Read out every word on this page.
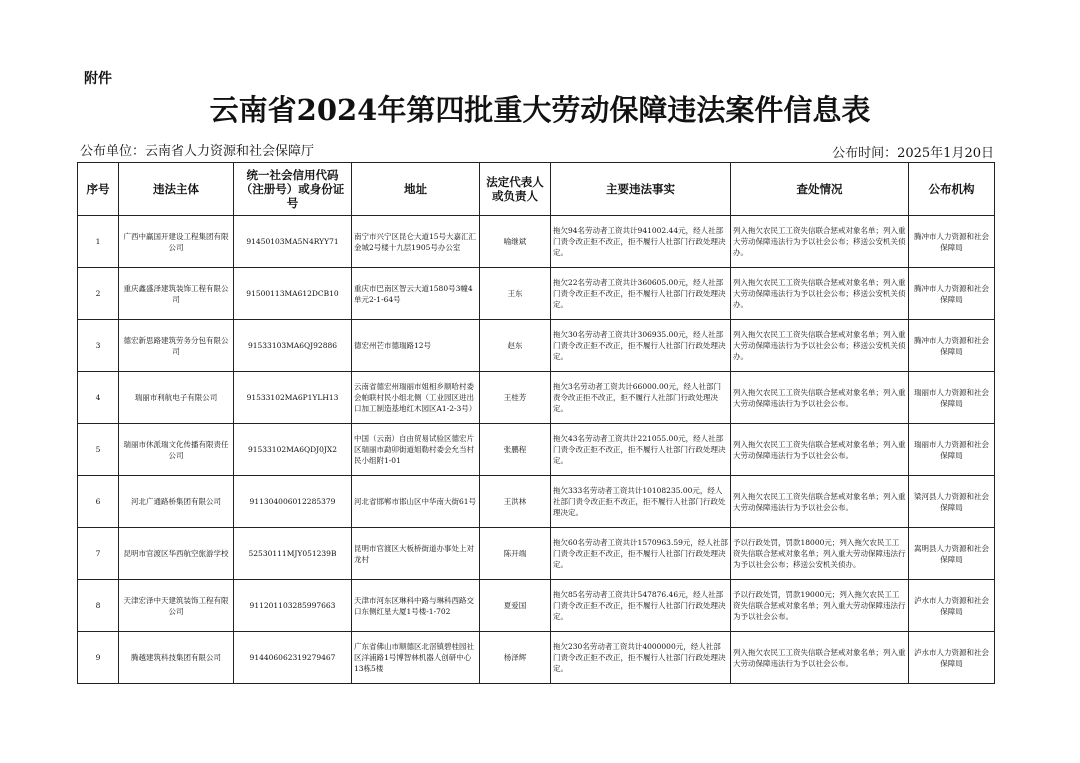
附件
云南省2024年第四批重大劳动保障违法案件信息表
公布单位：云南省人力资源和社会保障厅	公布时间：2025年1月20日
序号	违法主体	统一社会信用代码（注册号）或身份证号	地址	法定代表人或负责人	主要违法事实	查处情况	公布机构
1	广西中赢国开建设工程集团有限公司	91450103MA5N4RYY71	南宁市兴宁区昆仑大道15号大嘉汇汇金城2号楼十九层1905号办公室	喻继斌	拖欠94名劳动者工资共计941002.44元，经人社部门责令改正拒不改正，拒不履行人社部门行政处理决定。	列入拖欠农民工工资失信联合惩戒对象名单；列入重大劳动保障违法行为予以社会公布；移送公安机关侦办。	腾冲市人力资源和社会保障局
2	重庆鑫盛泽建筑装饰工程有限公司	91500113MA612DCB10	重庆市巴南区智云大道1580号3幢4单元2-1-64号	王东	拖欠22名劳动者工资共计360605.00元，经人社部门责令改正拒不改正，拒不履行人社部门行政处理决定。	列入拖欠农民工工资失信联合惩戒对象名单；列入重大劳动保障违法行为予以社会公布；移送公安机关侦办。	腾冲市人力资源和社会保障局
3	德宏新思路建筑劳务分包有限公司	91533103MA6QJ92886	德宏州芒市德瑞路12号	赵东	拖欠30名劳动者工资共计306935.00元，经人社部门责令改正拒不改正，拒不履行人社部门行政处理决定。	列入拖欠农民工工资失信联合惩戒对象名单；列入重大劳动保障违法行为予以社会公布；移送公安机关侦办。	腾冲市人力资源和社会保障局
4	瑞丽市利航电子有限公司	91533102MA6P1YLH13	云南省德宏州瑞丽市姐相乡顺哈村委会帕联村民小组北侧（工业园区进出口加工制造基地红木园区A1-2-3号）	王桂芳	拖欠3名劳动者工资共计66000.00元，经人社部门责令改正拒不改正，拒不履行人社部门行政处理决定。	列入拖欠农民工工资失信联合惩戒对象名单；列入重大劳动保障违法行为予以社会公布。	瑞丽市人力资源和社会保障局
5	瑞丽市休派瑞文化传播有限责任公司	91533102MA6QDJ0JX2	中国（云南）自由贸易试验区德宏片区瑞丽市勐卯街道姐勒村委会允当村民小组附1-01	张鹏程	拖欠43名劳动者工资共计221055.00元，经人社部门责令改正拒不改正，拒不履行人社部门行政处理决定。	列入拖欠农民工工资失信联合惩戒对象名单；列入重大劳动保障违法行为予以社会公布。	瑞丽市人力资源和社会保障局
6	河北广通路桥集团有限公司	911304006012285379	河北省邯郸市邯山区中华南大街61号	王洪林	拖欠333名劳动者工资共计10108235.00元，经人社部门责令改正拒不改正，拒不履行人社部门行政处理决定。	列入拖欠农民工工资失信联合惩戒对象名单；列入重大劳动保障违法行为予以社会公布。	梁河县人力资源和社会保障局
7	昆明市官渡区华西航空旅游学校	52530111MJY051239B	昆明市官渡区大板桥街道办事处上对龙村	陈开端	拖欠60名劳动者工资共计1570963.59元，经人社部门责令改正拒不改正，拒不履行人社部门行政处理决定。	予以行政处罚，罚款18000元；列入拖欠农民工工资失信联合惩戒对象名单；列入重大劳动保障违法行为予以社会公布；移送公安机关侦办。	嵩明县人力资源和社会保障局
8	天津宏泽中天建筑装饰工程有限公司	91120110328599766​3	天津市河东区琳科中路与琳科西路交口东侧红星大厦1号楼-1-702	夏爱国	拖欠85名劳动者工资共计547876.46元，经人社部门责令改正拒不改正，拒不履行人社部门行政处理决定。	予以行政处罚，罚款19000元；列入拖欠农民工工资失信联合惩戒对象名单；列入重大劳动保障违法行为予以社会公布。	泸水市人力资源和社会保障局
9	腾越建筑科技集团有限公司	914406062319279467	广东省佛山市顺德区北滘镇碧桂园社区洋浦路1号博智林机器人创研中心13栋5楼	杨泽辉	拖欠230名劳动者工资共计4000000元，经人社部门责令改正拒不改正，拒不履行人社部门行政处理决定。	列入拖欠农民工工资失信联合惩戒对象名单；列入重大劳动保障违法行为予以社会公布。	泸水市人力资源和社会保障局
